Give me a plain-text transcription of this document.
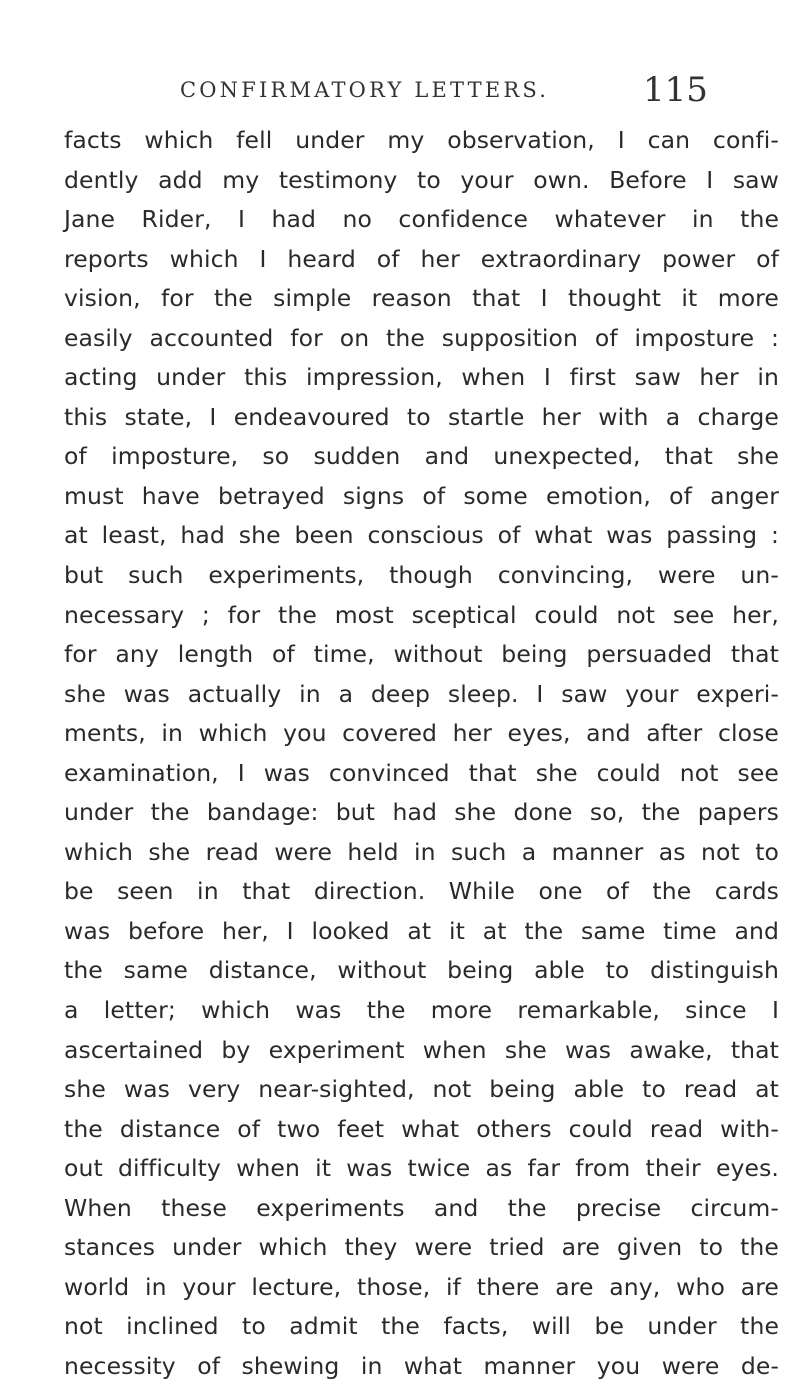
CONFIRMATORY LETTERS.	115
facts which fell under my observation, I can confi-
dently add my testimony to your own. Before I saw
Jane Rider, I had no confidence whatever in the
reports which I heard of her extraordinary power of
vision, for the simple reason that I thought it more
easily accounted for on the supposition of imposture :
acting under this impression, when I first saw her in
this state, I endeavoured to startle her with a charge
of imposture, so sudden and unexpected, that she
must have betrayed signs of some emotion, of anger
at least, had she been conscious of what was passing :
but such experiments, though convincing, were un-
necessary ; for the most sceptical could not see her,
for any length of time, without being persuaded that
she was actually in a deep sleep. I saw your experi-
ments, in which you covered her eyes, and after close
examination, I was convinced that she could not see
under the bandage: but had she done so, the papers
which she read were held in such a manner as not to
be seen in that direction. While one of the cards
was before her, I looked at it at the same time and
the same distance, without being able to distinguish
a letter; which was the more remarkable, since I
ascertained by experiment when she was awake, that
she was very near-sighted, not being able to read at
the distance of two feet what others could read with-
out difficulty when it was twice as far from their eyes.
When these experiments and the precise circum-
stances under which they were tried are given to the
world in your lecture, those, if there are any, who are
not inclined to admit the facts, will be under the
necessity of shewing in what manner you were de-
